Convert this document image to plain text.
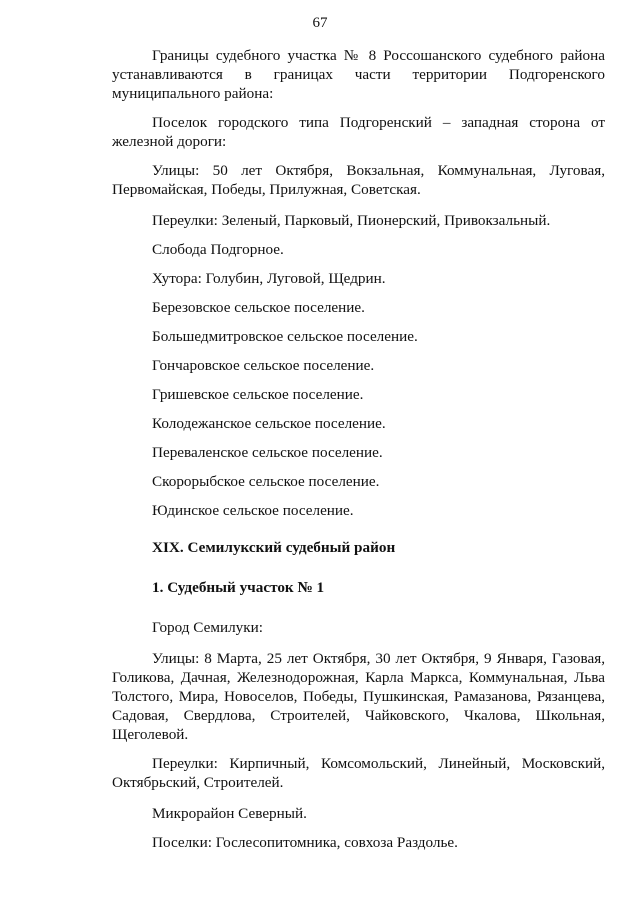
67

Границы судебного участка № 8 Россошанского судебного района устанавливаются в границах части территории Подгоренского муниципального района:

Поселок городского типа Подгоренский – западная сторона от железной дороги:

Улицы: 50 лет Октября, Вокзальная, Коммунальная, Луговая, Первомайская, Победы, Прилужная, Советская.

Переулки: Зеленый, Парковый, Пионерский, Привокзальный.
Слобода Подгорное.
Хутора: Голубин, Луговой, Щедрин.
Березовское сельское поселение.
Большедмитровское сельское поселение.
Гончаровское сельское поселение.
Гришевское сельское поселение.
Колодежанское сельское поселение.
Переваленское сельское поселение.
Скорорыбское сельское поселение.
Юдинское сельское поселение.
XIX. Семилукский судебный район
1. Судебный участок № 1
Город Семилуки:

Улицы: 8 Марта, 25 лет Октября, 30 лет Октября, 9 Января, Газовая, Голикова, Дачная, Железнодорожная, Карла Маркса, Коммунальная, Льва Толстого, Мира, Новоселов, Победы, Пушкинская, Рамазанова, Рязанцева, Садовая, Свердлова, Строителей, Чайковского, Чкалова, Школьная, Щеголевой.

Переулки: Кирпичный, Комсомольский, Линейный, Московский, Октябрьский, Строителей.

Микрорайон Северный.
Поселки: Гослесопитомника, совхоза Раздолье.
